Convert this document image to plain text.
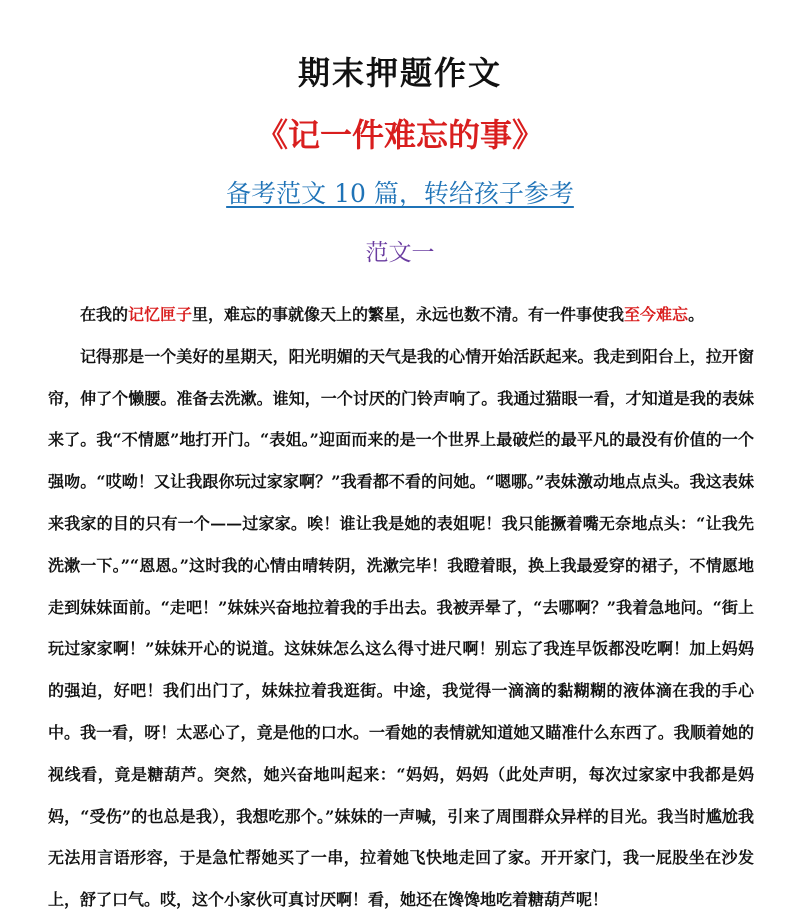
期末押题作文
《记一件难忘的事》
备考范文 10 篇，转给孩子参考
范文一

在我的记忆匣子里，难忘的事就像天上的繁星，永远也数不清。有一件事使我至今难忘。

记得那是一个美好的星期天，阳光明媚的天气是我的心情开始活跃起来。我走到阳台上，拉开窗帘，伸了个懒腰。准备去洗漱。谁知，一个讨厌的门铃声响了。我通过猫眼一看，才知道是我的表妹来了。我“不情愿”地打开门。“表姐。”迎面而来的是一个世界上最破烂的最平凡的最没有价值的一个强吻。“哎呦！又让我跟你玩过家家啊？”我看都不看的问她。“嗯哪。”表妹激动地点点头。我这表妹来我家的目的只有一个——过家家。唉！谁让我是她的表姐呢！我只能撅着嘴无奈地点头：“让我先洗漱一下。”“恩恩。”这时我的心情由晴转阴，洗漱完毕！我瞪着眼，换上我最爱穿的裙子，不情愿地走到妹妹面前。“走吧！”妹妹兴奋地拉着我的手出去。我被弄晕了，“去哪啊？”我着急地问。“街上玩过家家啊！”妹妹开心的说道。这妹妹怎么这么得寸进尺啊！别忘了我连早饭都没吃啊！加上妈妈的强迫，好吧！我们出门了，妹妹拉着我逛街。中途，我觉得一滴滴的黏糊糊的液体滴在我的手心中。我一看，呀！太恶心了，竟是他的口水。一看她的表情就知道她又瞄准什么东西了。我顺着她的视线看，竟是糖葫芦。突然，她兴奋地叫起来：“妈妈，妈妈（此处声明，每次过家家中我都是妈妈，“受伤”的也总是我），我想吃那个。”妹妹的一声喊，引来了周围群众异样的目光。我当时尴尬我无法用言语形容，于是急忙帮她买了一串，拉着她飞快地走回了家。开开家门，我一屁股坐在沙发上，舒了口气。哎，这个小家伙可真讨厌啊！看，她还在馋馋地吃着糖葫芦呢！
